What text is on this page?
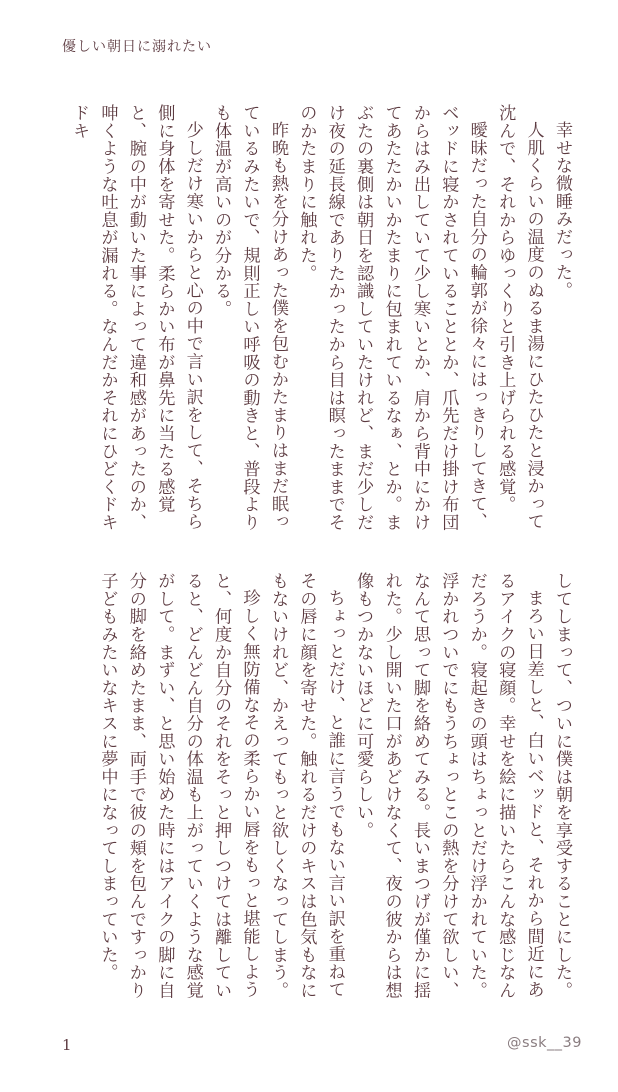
優しい朝日に溺れたい
幸せな微睡みだった。
人肌くらいの温度のぬるま湯にひたひたと浸かって沈んで、それからゆっくりと引き上げられる感覚。
曖昧だった自分の輪郭が徐々にはっきりしてきて、ベッドに寝かされていることとか、爪先だけ掛け布団からはみ出していて少し寒いとか、肩から背中にかけてあたたかいかたまりに包まれているなぁ、とか。まぶたの裏側は朝日を認識していたけれど、まだ少しだけ夜の延長線でありたかったから目は瞑ったままでそのかたまりに触れた。
昨晩も熱を分けあった僕を包むかたまりはまだ眠っているみたいで、規則正しい呼吸の動きと、普段よりも体温が高いのが分かる。
少しだけ寒いからと心の中で言い訳をして、そちら側に身体を寄せた。柔らかい布が鼻先に当たる感覚と、腕の中が動いた事によって違和感があったのか、呻くような吐息が漏れる。なんだかそれにひどくドキドキ
してしまって、ついに僕は朝を享受することにした。
まろい日差しと、白いベッドと、それから間近にあるアイクの寝顔。幸せを絵に描いたらこんな感じなんだろうか。寝起きの頭はちょっとだけ浮かれていた。浮かれついでにもうちょっとこの熱を分けて欲しい、なんて思って脚を絡めてみる。長いまつげが僅かに揺れた。少し開いた口があどけなくて、夜の彼からは想像もつかないほどに可愛らしい。
ちょっとだけ、と誰に言うでもない言い訳を重ねてその唇に顔を寄せた。触れるだけのキスは色気もなにもないけれど、かえってもっと欲しくなってしまう。
珍しく無防備なその柔らかい唇をもっと堪能しようと、何度か自分のそれをそっと押しつけては離していると、どんどん自分の体温も上がっていくような感覚がして。まずい、と思い始めた時にはアイクの脚に自分の脚を絡めたまま、両手で彼の頬を包んですっかり子どもみたいなキスに夢中になってしまっていた。
1	@ssk__39
